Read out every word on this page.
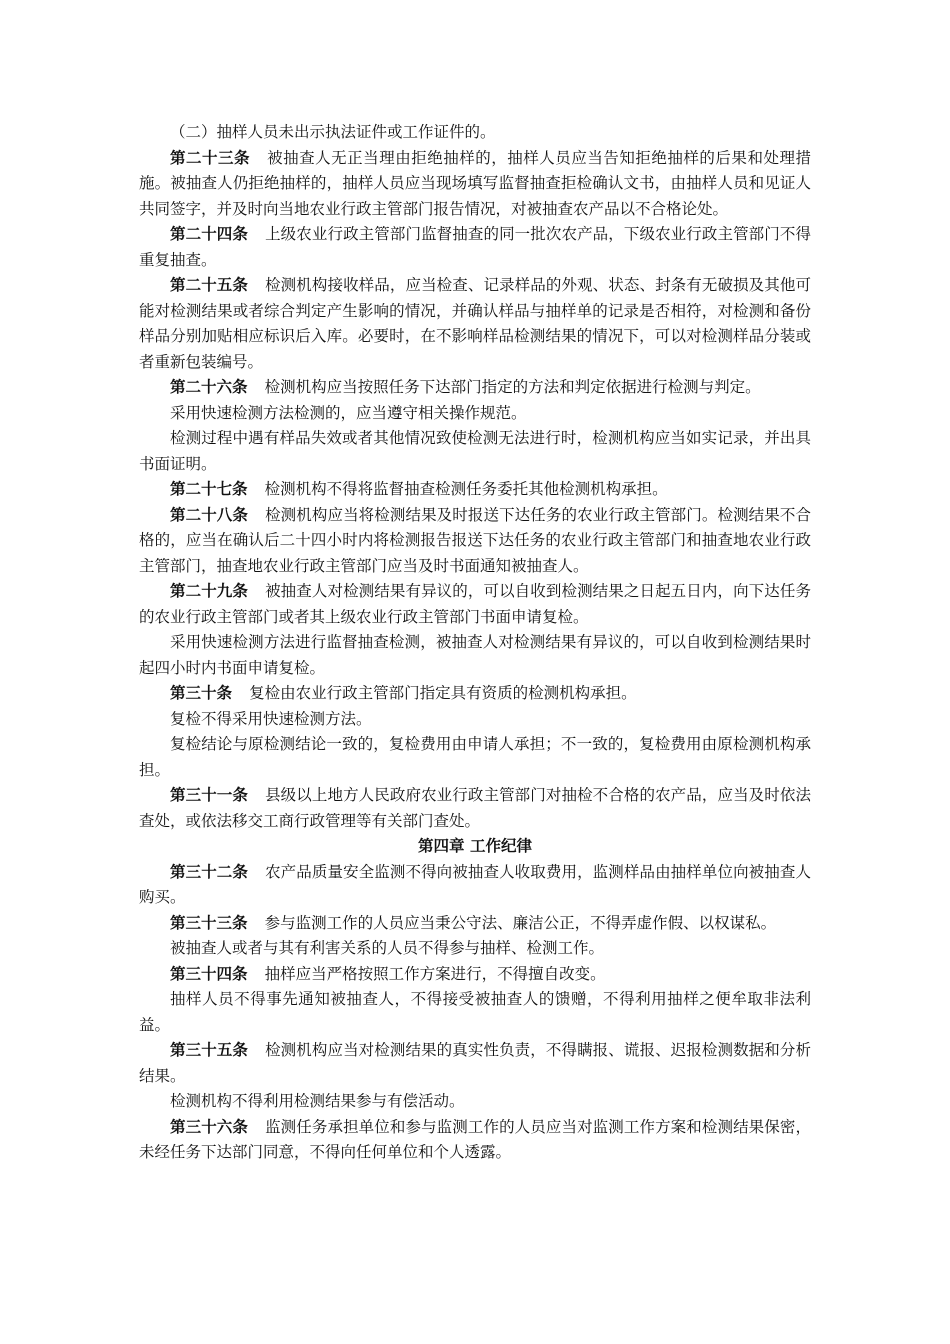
（二）抽样人员未出示执法证件或工作证件的。

第二十三条 被抽查人无正当理由拒绝抽样的，抽样人员应当告知拒绝抽样的后果和处理措施。被抽查人仍拒绝抽样的，抽样人员应当现场填写监督抽查拒检确认文书，由抽样人员和见证人共同签字，并及时向当地农业行政主管部门报告情况，对被抽查农产品以不合格论处。

第二十四条 上级农业行政主管部门监督抽查的同一批次农产品，下级农业行政主管部门不得重复抽查。

第二十五条 检测机构接收样品，应当检查、记录样品的外观、状态、封条有无破损及其他可能对检测结果或者综合判定产生影响的情况，并确认样品与抽样单的记录是否相符，对检测和备份样品分别加贴相应标识后入库。必要时，在不影响样品检测结果的情况下，可以对检测样品分装或者重新包装编号。

第二十六条 检测机构应当按照任务下达部门指定的方法和判定依据进行检测与判定。

采用快速检测方法检测的，应当遵守相关操作规范。

检测过程中遇有样品失效或者其他情况致使检测无法进行时，检测机构应当如实记录，并出具书面证明。

第二十七条 检测机构不得将监督抽查检测任务委托其他检测机构承担。

第二十八条 检测机构应当将检测结果及时报送下达任务的农业行政主管部门。检测结果不合格的，应当在确认后二十四小时内将检测报告报送下达任务的农业行政主管部门和抽查地农业行政主管部门，抽查地农业行政主管部门应当及时书面通知被抽查人。

第二十九条 被抽查人对检测结果有异议的，可以自收到检测结果之日起五日内，向下达任务的农业行政主管部门或者其上级农业行政主管部门书面申请复检。

采用快速检测方法进行监督抽查检测，被抽查人对检测结果有异议的，可以自收到检测结果时起四小时内书面申请复检。

第三十条 复检由农业行政主管部门指定具有资质的检测机构承担。

复检不得采用快速检测方法。

复检结论与原检测结论一致的，复检费用由申请人承担；不一致的，复检费用由原检测机构承担。

第三十一条 县级以上地方人民政府农业行政主管部门对抽检不合格的农产品，应当及时依法查处，或依法移交工商行政管理等有关部门查处。

第四章 工作纪律

第三十二条 农产品质量安全监测不得向被抽查人收取费用，监测样品由抽样单位向被抽查人购买。

第三十三条 参与监测工作的人员应当秉公守法、廉洁公正，不得弄虚作假、以权谋私。

被抽查人或者与其有利害关系的人员不得参与抽样、检测工作。

第三十四条 抽样应当严格按照工作方案进行，不得擅自改变。

抽样人员不得事先通知被抽查人，不得接受被抽查人的馈赠，不得利用抽样之便牟取非法利益。

第三十五条 检测机构应当对检测结果的真实性负责，不得瞒报、谎报、迟报检测数据和分析结果。

检测机构不得利用检测结果参与有偿活动。

第三十六条 监测任务承担单位和参与监测工作的人员应当对监测工作方案和检测结果保密，未经任务下达部门同意，不得向任何单位和个人透露。
